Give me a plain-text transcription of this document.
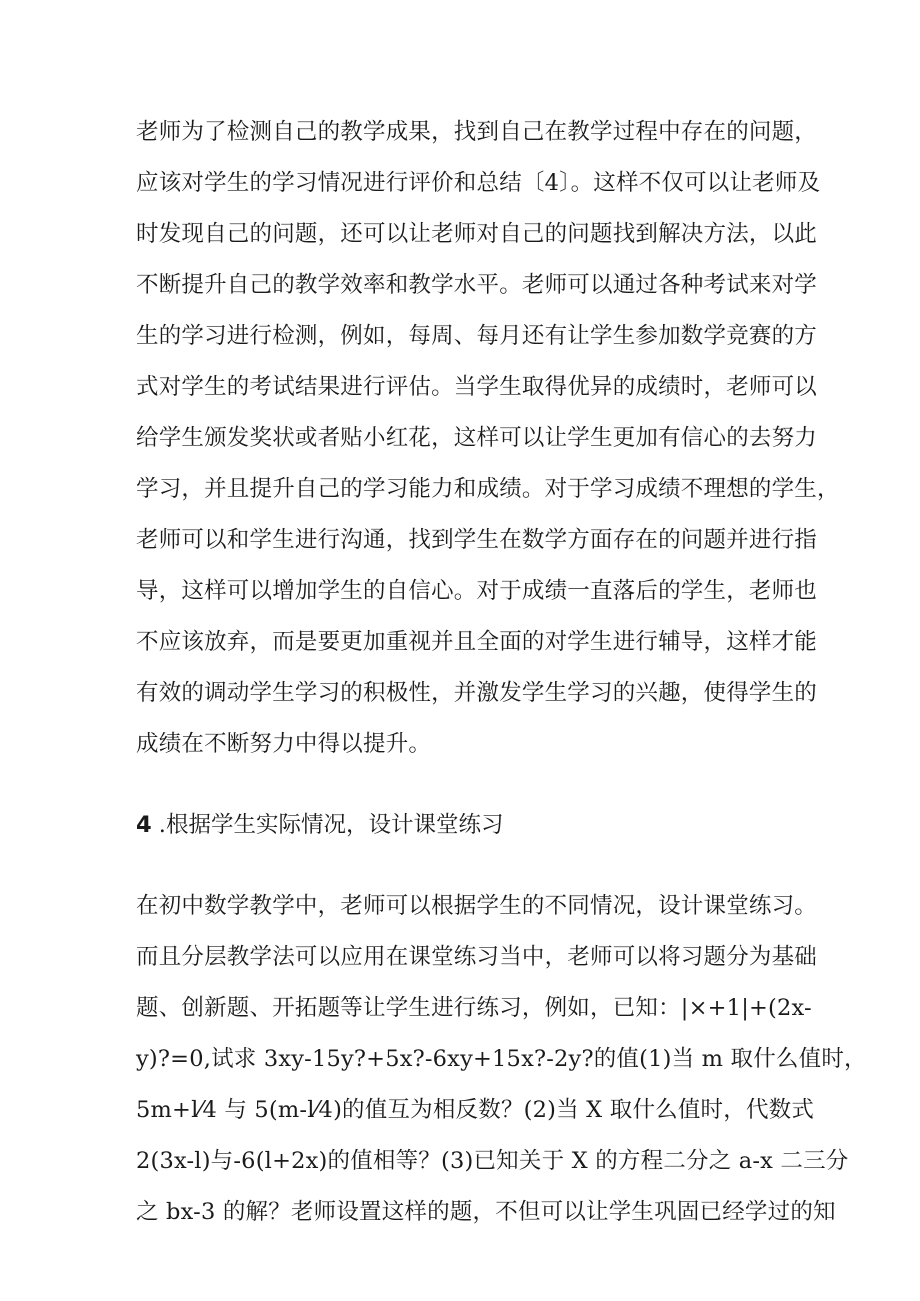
老师为了检测自己的教学成果，找到自己在教学过程中存在的问题，
应该对学生的学习情况进行评价和总结〔4〕。这样不仅可以让老师及
时发现自己的问题，还可以让老师对自己的问题找到解决方法，以此
不断提升自己的教学效率和教学水平。老师可以通过各种考试来对学
生的学习进行检测，例如，每周、每月还有让学生参加数学竞赛的方
式对学生的考试结果进行评估。当学生取得优异的成绩时，老师可以
给学生颁发奖状或者贴小红花，这样可以让学生更加有信心的去努力
学习，并且提升自己的学习能力和成绩。对于学习成绩不理想的学生，
老师可以和学生进行沟通，找到学生在数学方面存在的问题并进行指
导，这样可以增加学生的自信心。对于成绩一直落后的学生，老师也
不应该放弃，而是要更加重视并且全面的对学生进行辅导，这样才能
有效的调动学生学习的积极性，并激发学生学习的兴趣，使得学生的
成绩在不断努力中得以提升。
4 .根据学生实际情况，设计课堂练习
在初中数学教学中，老师可以根据学生的不同情况，设计课堂练习。
而且分层教学法可以应用在课堂练习当中，老师可以将习题分为基础
题、创新题、开拓题等让学生进行练习，例如，已知：|×+1|+(2x-
y)?=0,试求 3xy-15y?+5x?-6xy+15x?-2y?的值(1)当 m 取什么值时，
5m+l⁄4 与 5(m-l⁄4)的值互为相反数？(2)当 X 取什么值时，代数式
2(3x-l)与-6(l+2x)的值相等？(3)已知关于 X 的方程二分之 a-x 二三分
之 bx-3 的解？老师设置这样的题，不但可以让学生巩固已经学过的知
